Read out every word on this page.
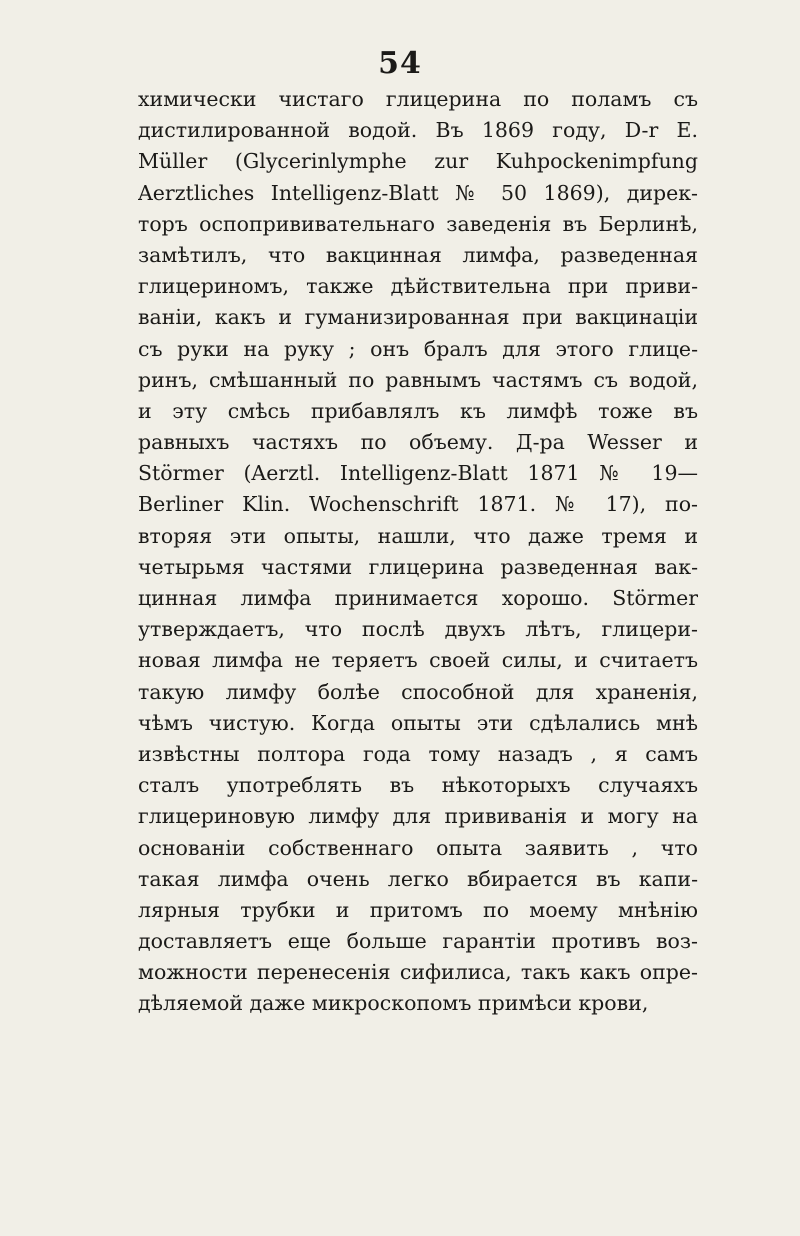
54
химически чистаго глицерина по поламъ съ
дистилированной водой. Въ 1869 году, D-r E.
Müller (Glycerinlymphe zur Kuhpockenimpfung
Aerztliches Intelligenz-Blatt № 50 1869), дирек-
торъ оспопрививательнаго заведенія въ Берлинѣ,
замѣтилъ, что вакцинная лимфа, разведенная
глицериномъ, также дѣйствительна при приви-
ваніи, какъ и гуманизированная при вакцинаціи
съ руки на руку ; онъ бралъ для этого глице-
ринъ, смѣшанный по равнымъ частямъ съ водой,
и эту смѣсь прибавлялъ къ лимфѣ тоже въ
равныхъ частяхъ по объему. Д-ра Wesser и
Störmer (Aerztl. Intelligenz-Blatt 1871 № 19—
Berliner Klin. Wochenschrift 1871. № 17), по-
вторяя эти опыты, нашли, что даже тремя и
четырьмя частями глицерина разведенная вак-
цинная лимфа принимается хорошо. Störmer
утверждаетъ, что послѣ двухъ лѣтъ, глицери-
новая лимфа не теряетъ своей силы, и считаетъ
такую лимфу болѣе способной для храненія,
чѣмъ чистую. Когда опыты эти сдѣлались мнѣ
извѣстны полтора года тому назадъ , я самъ
сталъ употреблять въ нѣкоторыхъ случаяхъ
глицериновую лимфу для прививанія и могу на
основаніи собственнаго опыта заявить , что
такая лимфа очень легко вбирается въ капи-
лярныя трубки и притомъ по моему мнѣнію
доставляетъ еще больше гарантіи противъ воз-
можности перенесенія сифилиса, такъ какъ опре-
дѣляемой даже микроскопомъ примѣси крови,
